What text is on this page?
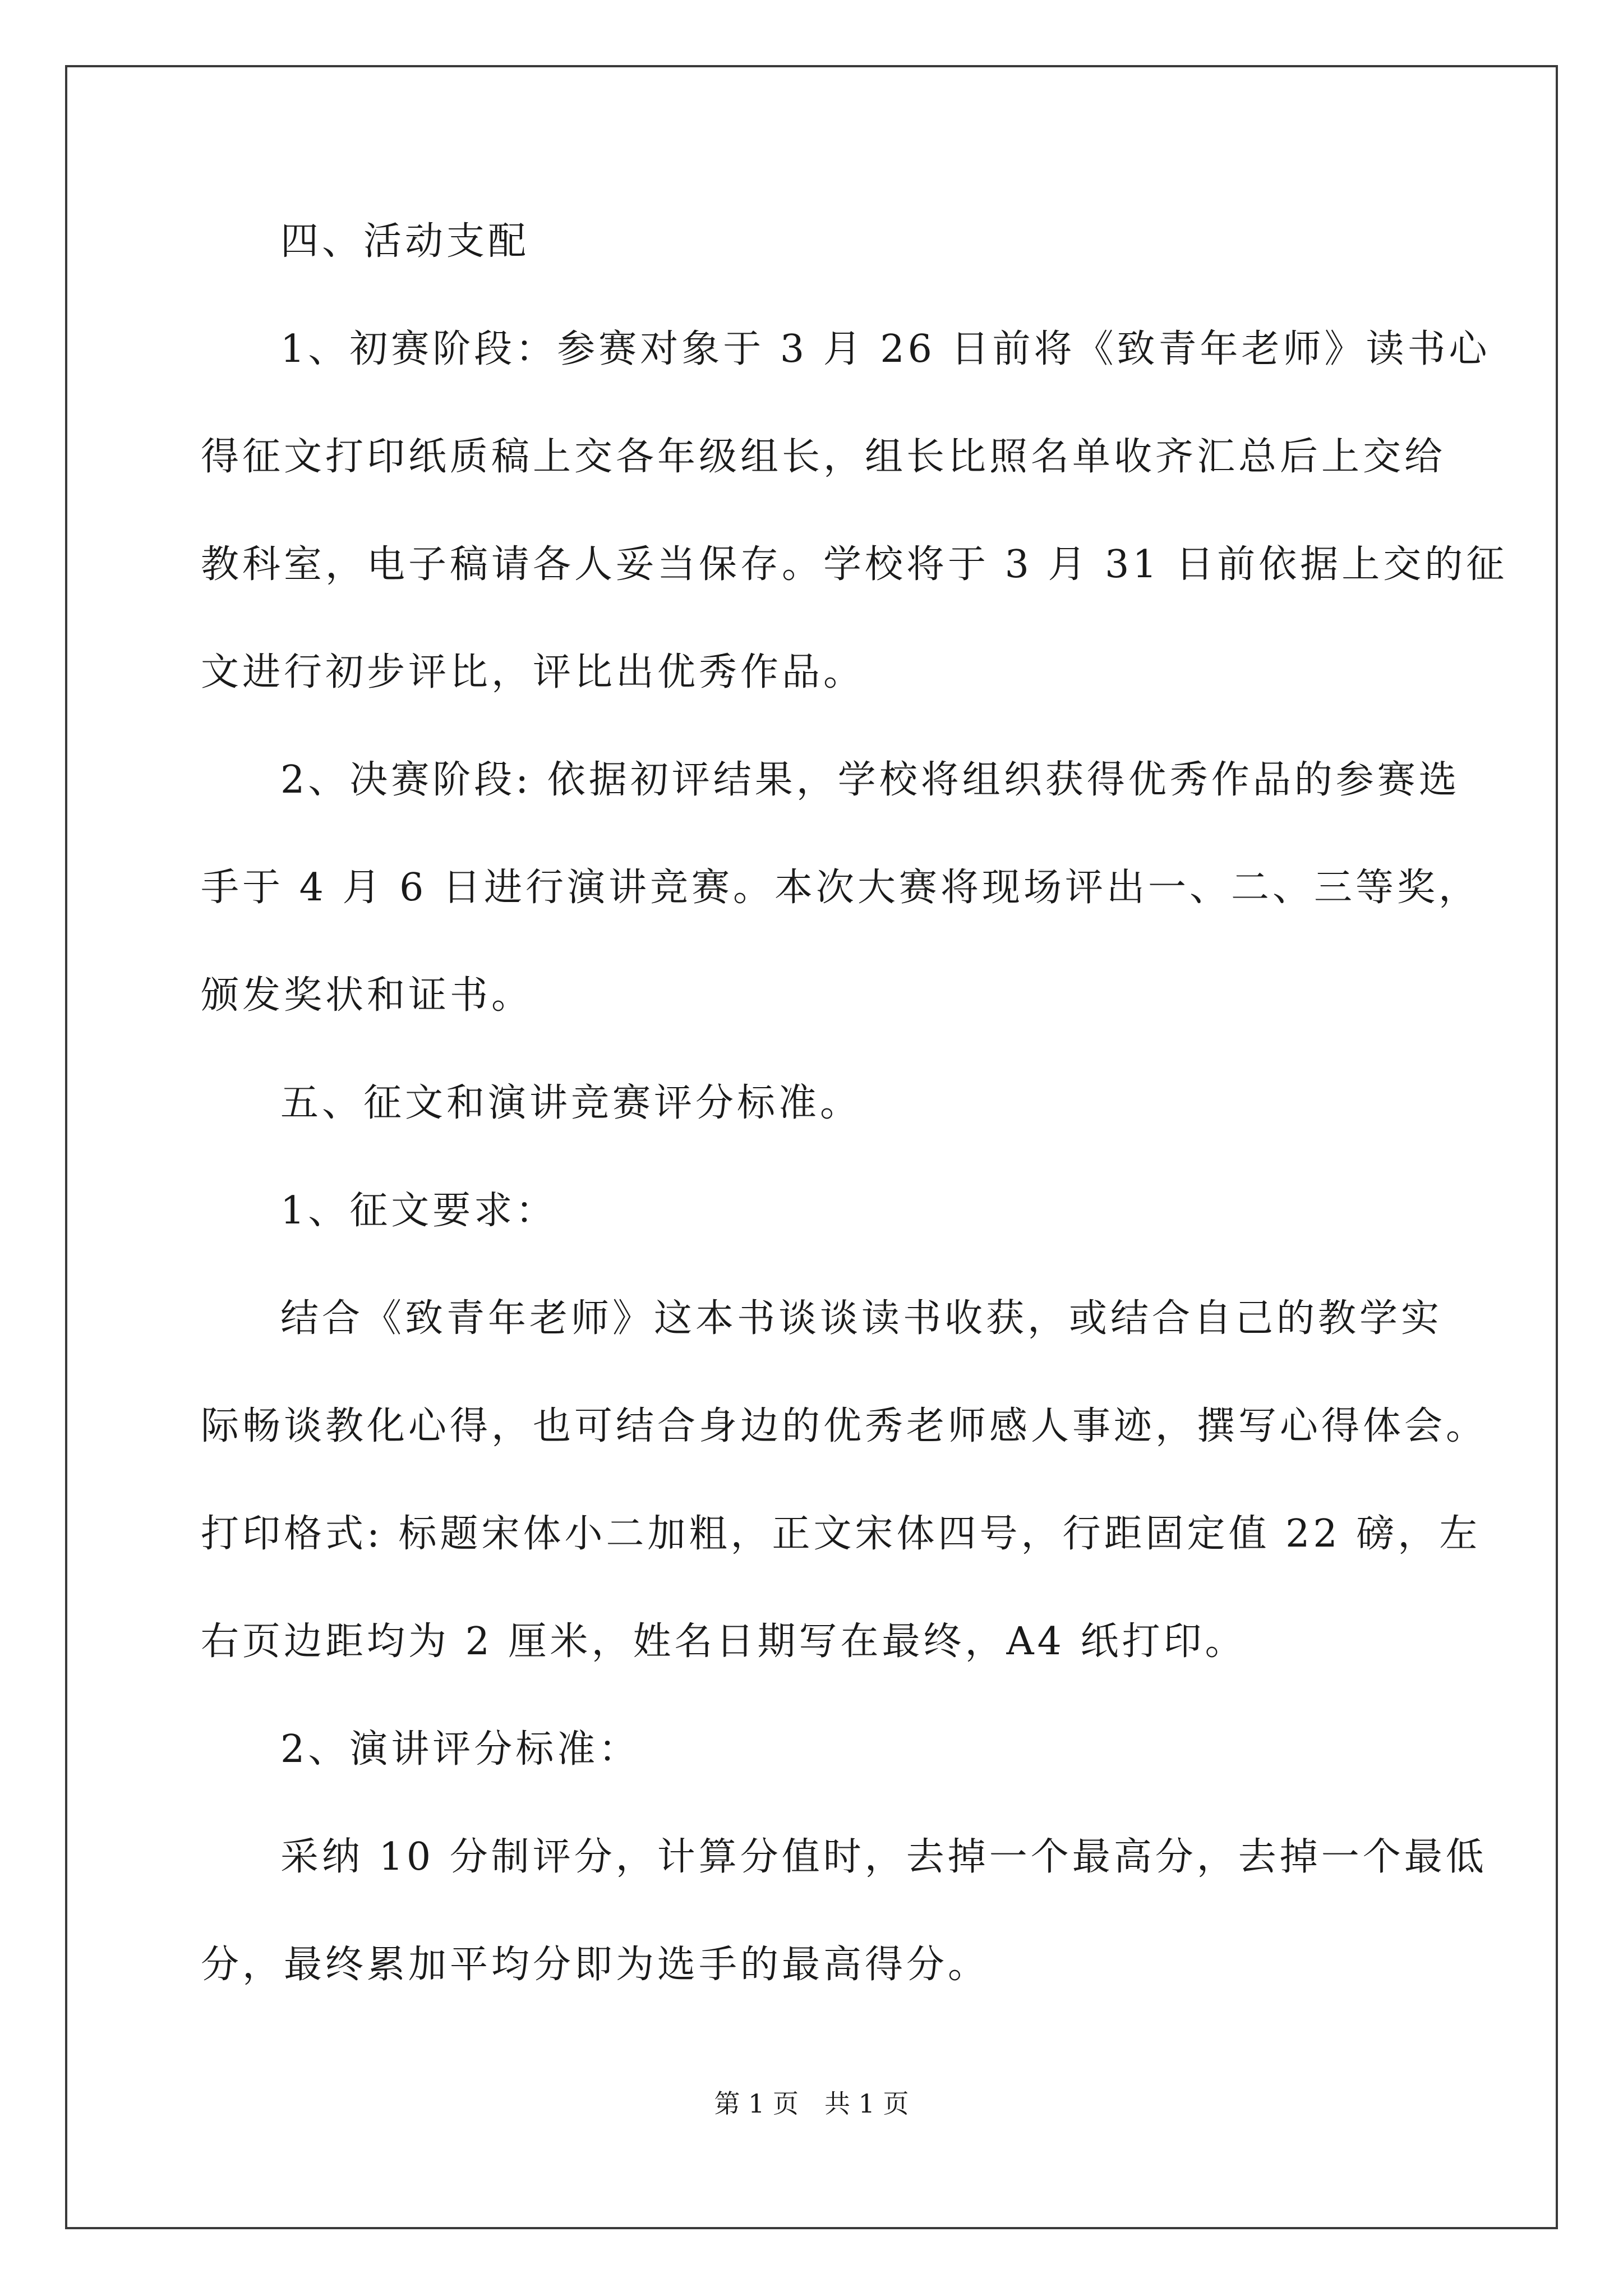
四、活动支配

1、初赛阶段：参赛对象于 3 月 26 日前将《致青年老师》读书心

得征文打印纸质稿上交各年级组长，组长比照名单收齐汇总后上交给

教科室，电子稿请各人妥当保存。学校将于 3 月 31 日前依据上交的征

文进行初步评比，评比出优秀作品。

2、决赛阶段: 依据初评结果，学校将组织获得优秀作品的参赛选

手于 4 月 6 日进行演讲竞赛。本次大赛将现场评出一、二、三等奖，

颁发奖状和证书。

五、征文和演讲竞赛评分标准。

1、征文要求：

结合《致青年老师》这本书谈谈读书收获，或结合自己的教学实

际畅谈教化心得，也可结合身边的优秀老师感人事迹，撰写心得体会。

打印格式: 标题宋体小二加粗，正文宋体四号，行距固定值 22 磅，左

右页边距均为 2 厘米，姓名日期写在最终，A4 纸打印。

2、演讲评分标准：

采纳 10 分制评分，计算分值时，去掉一个最高分，去掉一个最低

分，最终累加平均分即为选手的最高得分。

第 1 页　共 1 页
